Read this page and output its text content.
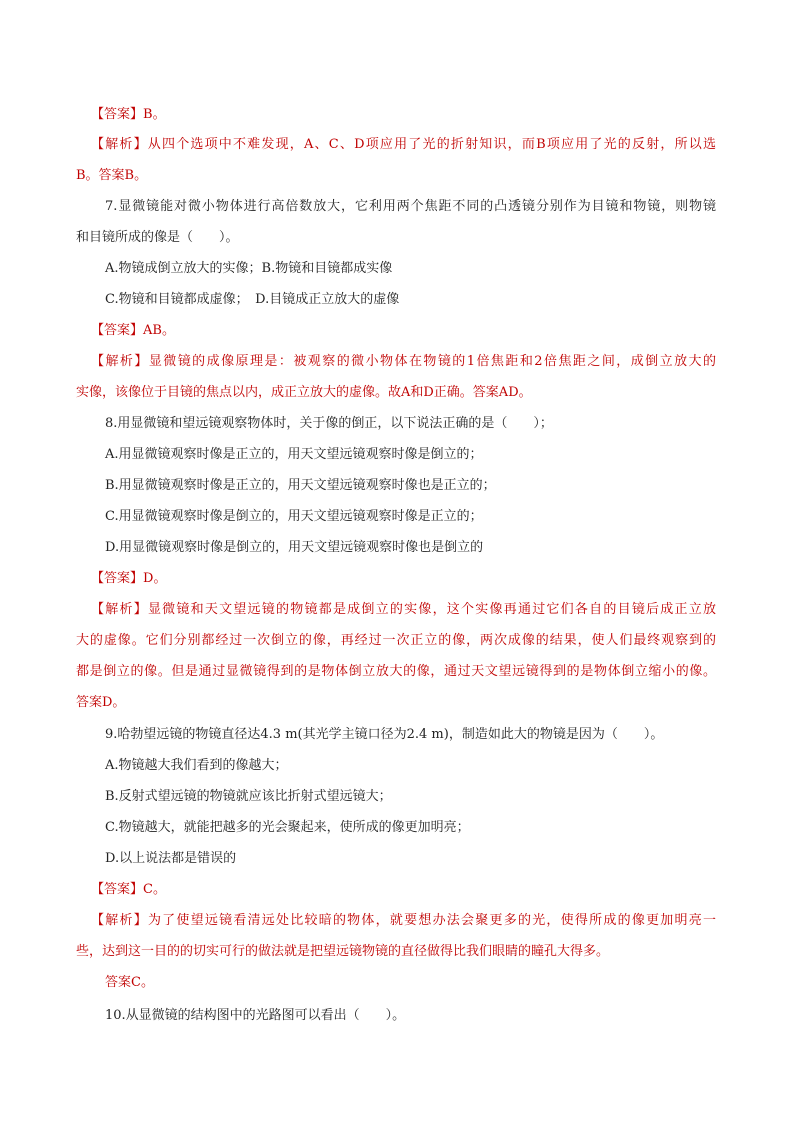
【答案】B。
【解析】从四个选项中不难发现，A、C、D项应用了光的折射知识，而B项应用了光的反射，所以选
B。答案B。
7.显微镜能对微小物体进行高倍数放大，它利用两个焦距不同的凸透镜分别作为目镜和物镜，则物镜
和目镜所成的像是（　　）。
A.物镜成倒立放大的实像；B.物镜和目镜都成实像
C.物镜和目镜都成虚像；　D.目镜成正立放大的虚像
【答案】AB。
【解析】显微镜的成像原理是：被观察的微小物体在物镜的1倍焦距和2倍焦距之间，成倒立放大的
实像，该像位于目镜的焦点以内，成正立放大的虚像。故A和D正确。答案AD。
8.用显微镜和望远镜观察物体时，关于像的倒正，以下说法正确的是（　　）；
A.用显微镜观察时像是正立的，用天文望远镜观察时像是倒立的；
B.用显微镜观察时像是正立的，用天文望远镜观察时像也是正立的；
C.用显微镜观察时像是倒立的，用天文望远镜观察时像是正立的；
D.用显微镜观察时像是倒立的，用天文望远镜观察时像也是倒立的
【答案】D。
【解析】显微镜和天文望远镜的物镜都是成倒立的实像，这个实像再通过它们各自的目镜后成正立放
大的虚像。它们分别都经过一次倒立的像，再经过一次正立的像，两次成像的结果，使人们最终观察到的
都是倒立的像。但是通过显微镜得到的是物体倒立放大的像，通过天文望远镜得到的是物体倒立缩小的像。
答案D。
9.哈勃望远镜的物镜直径达4.3 m(其光学主镜口径为2.4 m)，制造如此大的物镜是因为（　　）。
A.物镜越大我们看到的像越大；
B.反射式望远镜的物镜就应该比折射式望远镜大；
C.物镜越大，就能把越多的光会聚起来，使所成的像更加明亮；
D.以上说法都是错误的
【答案】C。
【解析】为了使望远镜看清远处比较暗的物体，就要想办法会聚更多的光，使得所成的像更加明亮一
些，达到这一目的的切实可行的做法就是把望远镜物镜的直径做得比我们眼睛的瞳孔大得多。
答案C。
10.从显微镜的结构图中的光路图可以看出（　　）。
